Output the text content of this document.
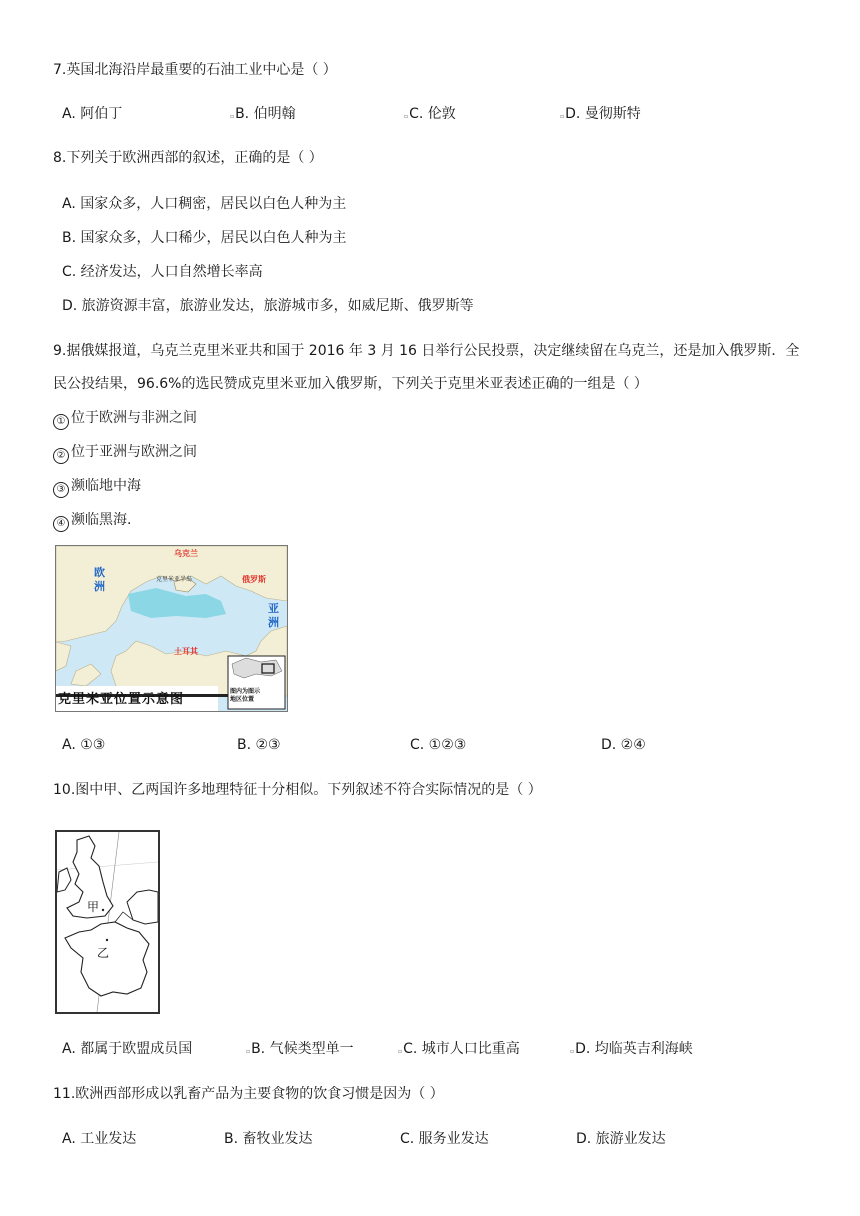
7.英国北海沿岸最重要的石油工业中心是（ ）
A. 阿伯丁	▫B. 伯明翰	▫C. 伦敦	▫D. 曼彻斯特
8.下列关于欧洲西部的叙述，正确的是（ ）
A. 国家众多，人口稠密，居民以白色人种为主
B. 国家众多，人口稀少，居民以白色人种为主
C. 经济发达，人口自然增长率高
D. 旅游资源丰富，旅游业发达，旅游城市多，如威尼斯、俄罗斯等
9.据俄媒报道，乌克兰克里米亚共和国于 2016 年 3 月 16 日举行公民投票，决定继续留在乌克兰，还是加入俄罗斯．全
民公投结果，96.6%的选民赞成克里米亚加入俄罗斯，下列关于克里米亚表述正确的一组是（ ）
① 位于欧洲与非洲之间
② 位于亚洲与欧洲之间
③ 濒临地中海
④ 濒临黑海.
乌克兰
俄罗斯
克里米亚半岛
土耳其
欧
洲
亚
洲
图内为图示
地区位置
克里米亚位置示意图
A. ①③	B. ②③	C. ①②③	D. ②④
10.图中甲、乙两国许多地理特征十分相似。下列叙述不符合实际情况的是（ ）
甲
乙
A. 都属于欧盟成员国	▫B. 气候类型单一	▫C. 城市人口比重高	▫D. 均临英吉利海峡
11.欧洲西部形成以乳畜产品为主要食物的饮食习惯是因为（ ）
A. 工业发达	B. 畜牧业发达	C. 服务业发达	D. 旅游业发达
